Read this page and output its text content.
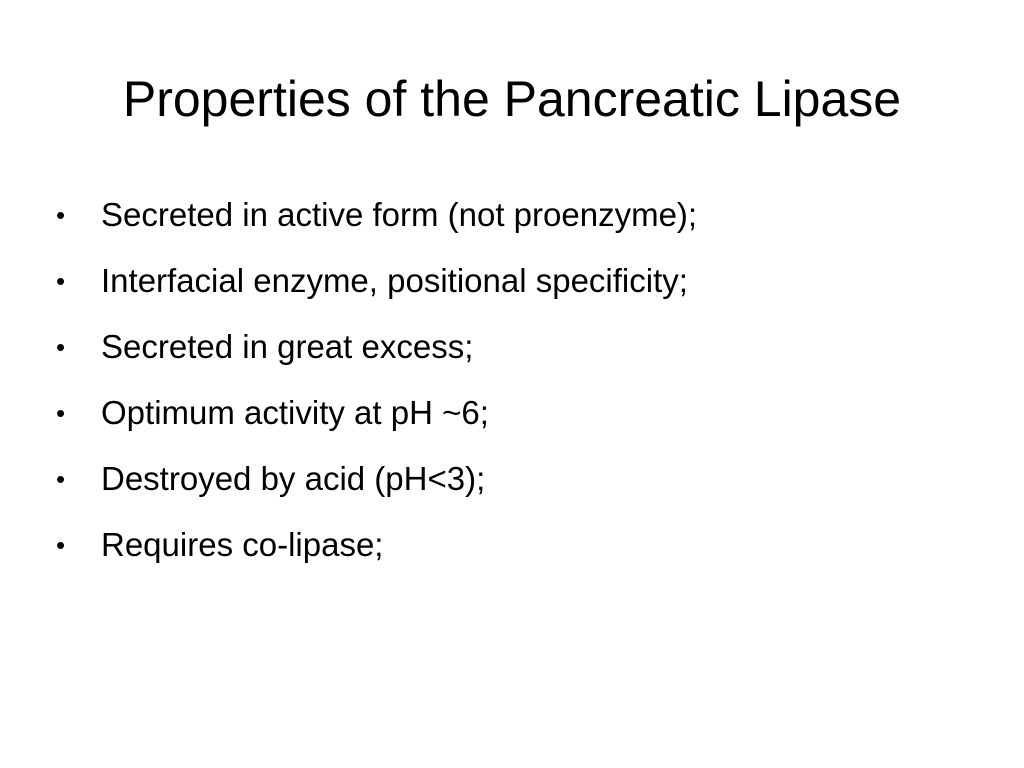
Properties of the Pancreatic Lipase
•	Secreted in active form (not proenzyme);
•	Interfacial enzyme, positional specificity;
•	Secreted in great excess;
•	Optimum activity at pH ~6;
•	Destroyed by acid (pH<3);
•	Requires co-lipase;
